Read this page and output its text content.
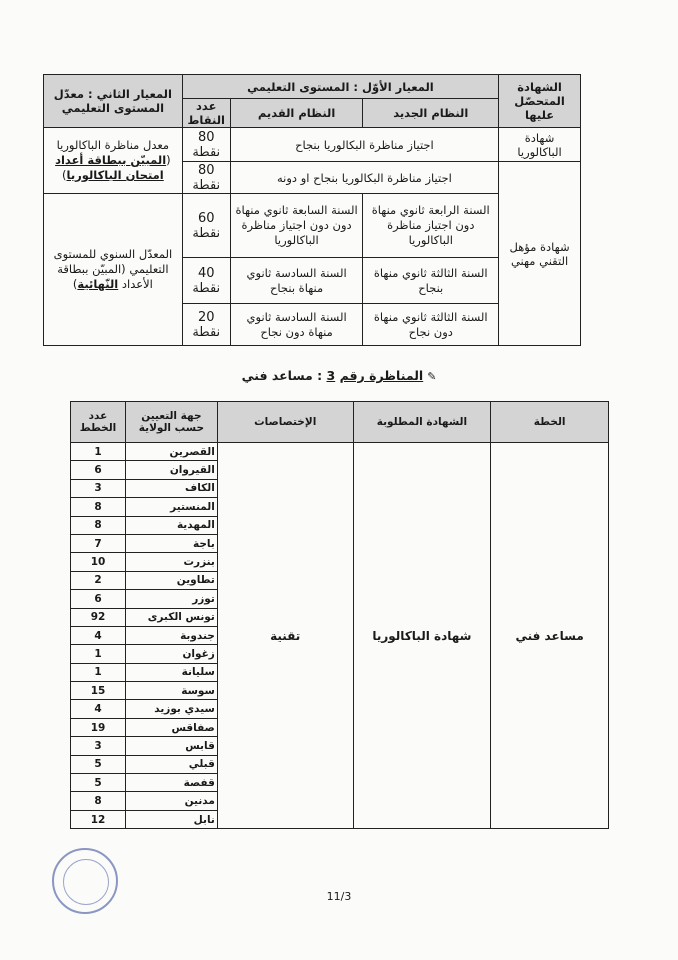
الشهادة المتحصّل عليها	المعيار الأوّل : المستوى التعليمي			المعيار الثاني : معدّل المستوى التعليمي
	النظام الجديد	النظام القديم	عدد النقاط	
شهادة الباكالوريا	اجتياز مناظرة البكالوريا بنجاح		80 نقطة	معدل مناظرة الباكالوريا (المبيّن ببطاقة أعداد امتحان الباكالوريا)
شهادة مؤهل التقني مهني	اجتياز مناظرة البكالوريا بنجاح او دونه		80 نقطة	
	السنة الرابعة ثانوي منهاة دون اجتياز مناظرة الباكالوريا	السنة السابعة ثانوي منهاة دون دون اجتياز مناظرة الباكالوريا	60 نقطة	المعدّل السنوي للمستوى التعليمي (المبيّن ببطاقة الأعداد النّهائية)
	السنة الثالثة ثانوي منهاة بنجاح	السنة السادسة ثانوي منهاة بنجاح	40 نقطة	
	السنة الثالثة ثانوي منهاة دون نجاح	السنة السادسة ثانوي منهاة دون نجاح	20 نقطة	
✎المناظرة رقم 3 : مساعد فني
الخطة	الشهادة المطلوبة	الإختصاصات	جهة التعيين حسب الولاية	عدد الخطط
مساعد فني	شهادة الباكالوريا	تقنية	القصرين	1
			القيروان	6
			الكاف	3
			المنستير	8
			المهدية	8
			باجة	7
			بنزرت	10
			تطاوين	2
			توزر	6
			تونس الكبرى	92
			جندوبة	4
			زغوان	1
			سليانة	1
			سوسة	15
			سيدي بوزيد	4
			صفاقس	19
			قابس	3
			قبلي	5
			قفصة	5
			مدنين	8
			نابل	12
11/3
